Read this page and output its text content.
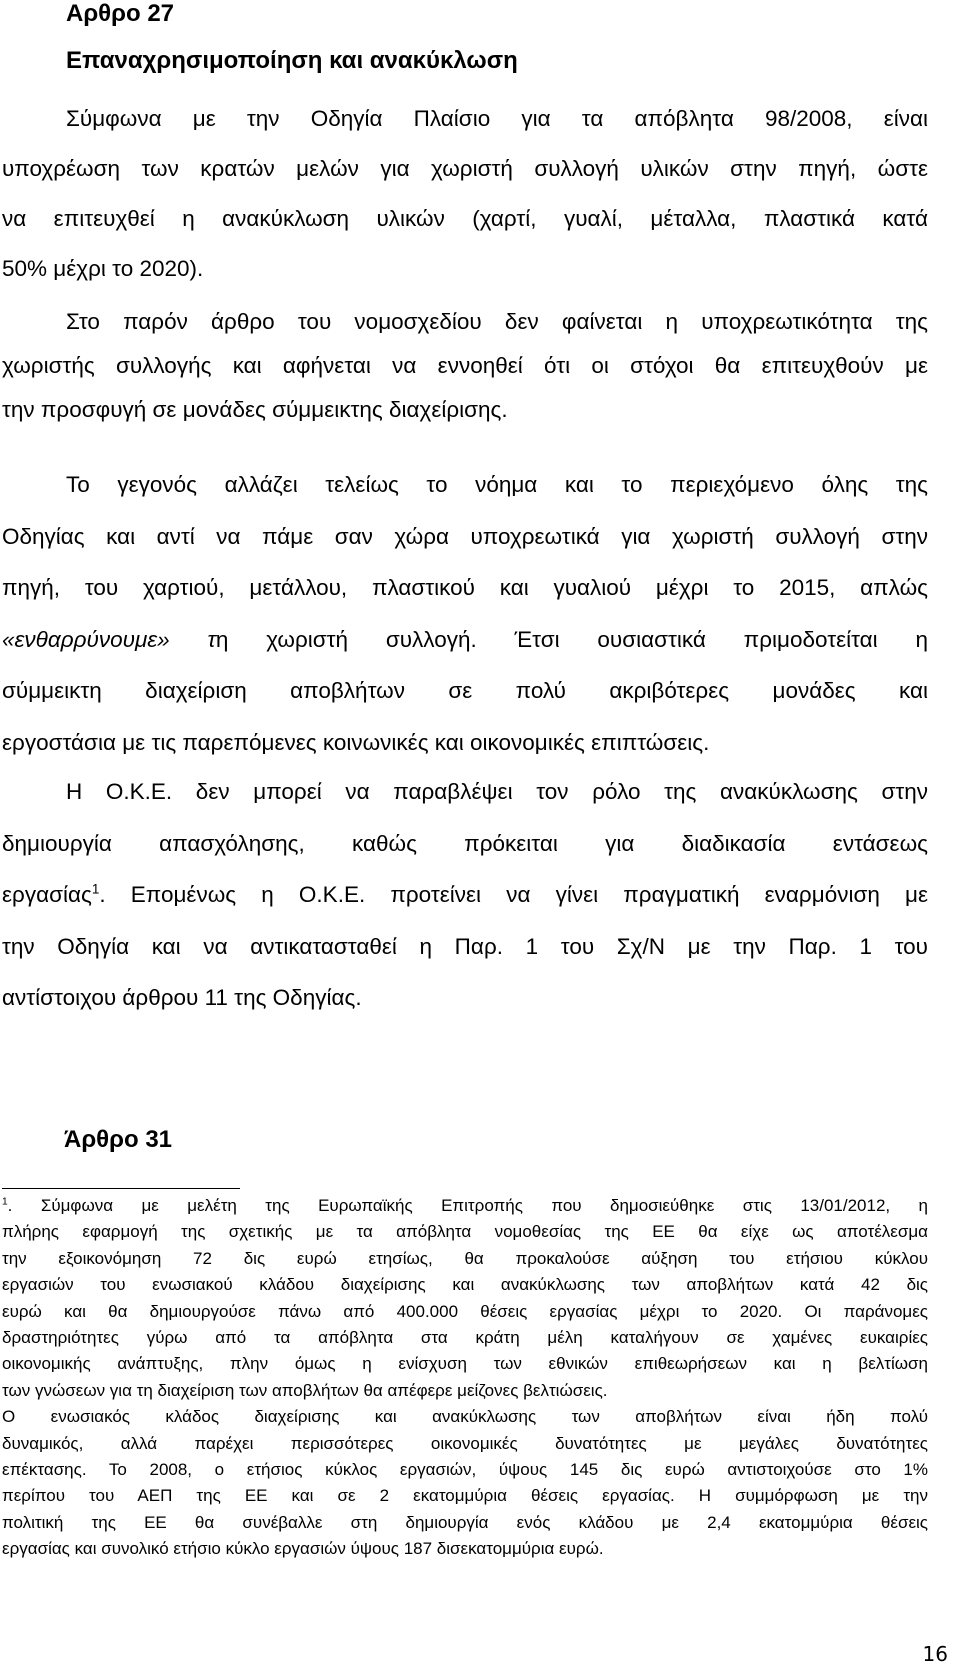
Αρθρο 27
Επαναχρησιμοποίηση και ανακύκλωση

Σύμφωνα με την Οδηγία Πλαίσιο για τα απόβλητα 98/2008, είναι
υποχρέωση των κρατών μελών για χωριστή συλλογή υλικών στην πηγή, ώστε
να επιτευχθεί η ανακύκλωση υλικών (χαρτί, γυαλί, μέταλλα, πλαστικά κατά
50% μέχρι το 2020).

Στο παρόν άρθρο του νομοσχεδίου δεν φαίνεται η υποχρεωτικότητα της
χωριστής συλλογής και αφήνεται να εννοηθεί ότι οι στόχοι θα επιτευχθούν με
την προσφυγή σε μονάδες σύμμεικτης διαχείρισης.

Το γεγονός αλλάζει τελείως το νόημα και το περιεχόμενο όλης της
Οδηγίας και αντί να πάμε σαν χώρα υποχρεωτικά για χωριστή συλλογή στην
πηγή, του χαρτιού, μετάλλου, πλαστικού και γυαλιού μέχρι το 2015, απλώς
«ενθαρρύνουμε» τη χωριστή συλλογή. Έτσι ουσιαστικά πριμοδοτείται η
σύμμεικτη διαχείριση αποβλήτων σε πολύ ακριβότερες μονάδες και
εργοστάσια με τις παρεπόμενες κοινωνικές και οικονομικές επιπτώσεις.

Η Ο.Κ.Ε. δεν μπορεί να παραβλέψει τον ρόλο της ανακύκλωσης στην
δημιουργία απασχόλησης, καθώς πρόκειται για διαδικασία εντάσεως
εργασίας$^1$. Επομένως η Ο.Κ.Ε. προτείνει να γίνει πραγματική εναρμόνιση με
την Οδηγία και να αντικατασταθεί η Παρ. 1 του Σχ/Ν με την Παρ. 1 του
αντίστοιχου άρθρου 11 της Οδηγίας.

Άρθρο 31
$^1$. Σύμφωνα με μελέτη της Ευρωπαϊκής Επιτροπής που δημοσιεύθηκε στις 13/01/2012, η
πλήρης εφαρμογή της σχετικής με τα απόβλητα νομοθεσίας της ΕΕ θα είχε ως αποτέλεσμα
την εξοικονόμηση 72 δις ευρώ ετησίως, θα προκαλούσε αύξηση του ετήσιου κύκλου
εργασιών του ενωσιακού κλάδου διαχείρισης και ανακύκλωσης των αποβλήτων κατά 42 δις
ευρώ και θα δημιουργούσε πάνω από 400.000 θέσεις εργασίας μέχρι το 2020. Οι παράνομες
δραστηριότητες γύρω από τα απόβλητα στα κράτη μέλη καταλήγουν σε χαμένες ευκαιρίες
οικονομικής ανάπτυξης, πλην όμως η ενίσχυση των εθνικών επιθεωρήσεων και η βελτίωση
των γνώσεων για τη διαχείριση των αποβλήτων θα απέφερε μείζονες βελτιώσεις.
Ο ενωσιακός κλάδος διαχείρισης και ανακύκλωσης των αποβλήτων είναι ήδη πολύ
δυναμικός, αλλά παρέχει περισσότερες οικονομικές δυνατότητες με μεγάλες δυνατότητες
επέκτασης. Το 2008, ο ετήσιος κύκλος εργασιών, ύψους 145 δις ευρώ αντιστοιχούσε στο 1%
περίπου του ΑΕΠ της ΕΕ και σε 2 εκατομμύρια θέσεις εργασίας. Η συμμόρφωση με την
πολιτική της ΕΕ θα συνέβαλλε στη δημιουργία ενός κλάδου με 2,4 εκατομμύρια θέσεις
εργασίας και συνολικό ετήσιο κύκλο εργασιών ύψους 187 δισεκατομμύρια ευρώ.
16
